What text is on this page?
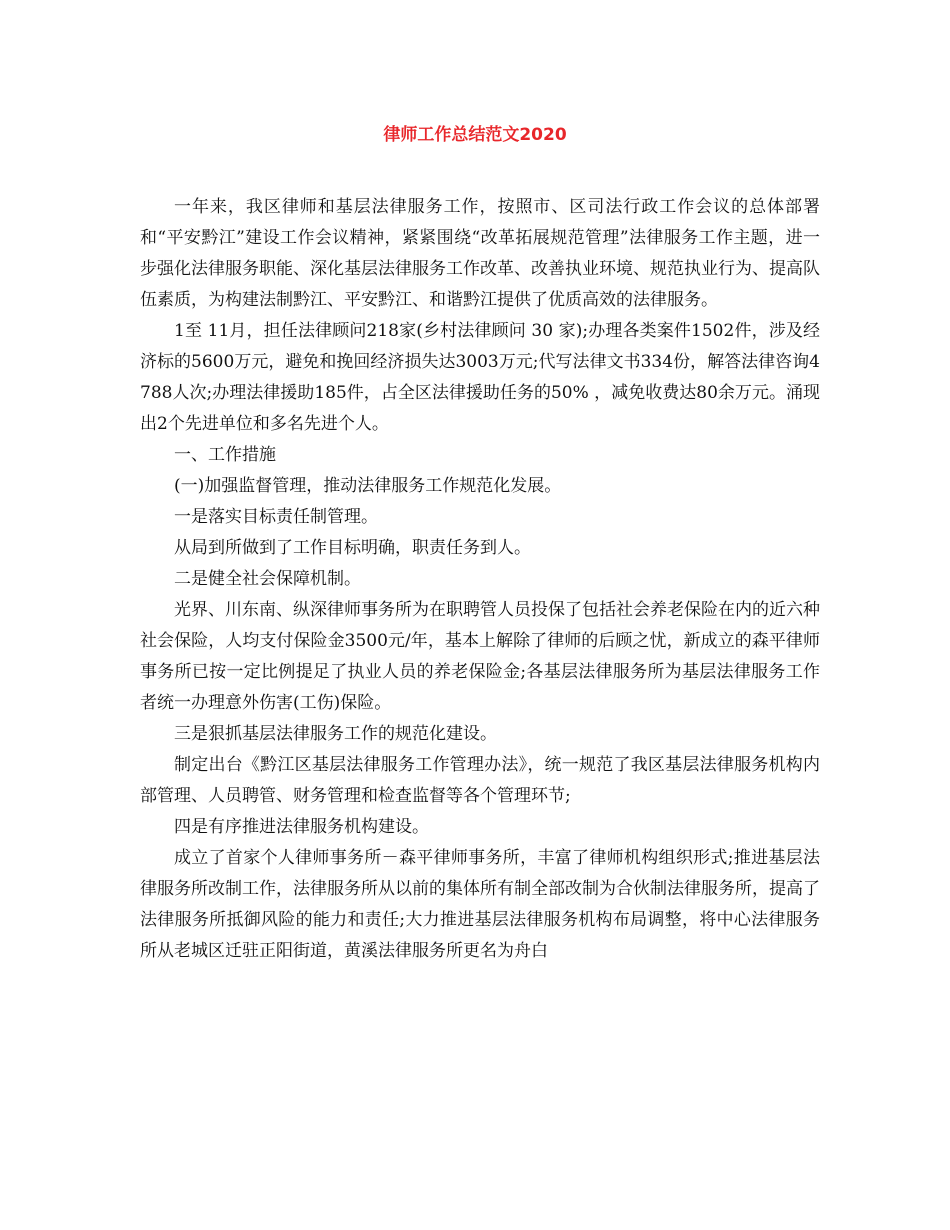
律师工作总结范文2020

一年来，我区律师和基层法律服务工作，按照市、区司法行政工作会议的总体部署和“平安黔江”建设工作会议精神，紧紧围绕“改革拓展规范管理”法律服务工作主题，进一步强化法律服务职能、深化基层法律服务工作改革、改善执业环境、规范执业行为、提高队伍素质，为构建法制黔江、平安黔江、和谐黔江提供了优质高效的法律服务。

1至 11月，担任法律顾问218家(乡村法律顾问 30 家);办理各类案件1502件，涉及经济标的5600万元，避免和挽回经济损失达3003万元;代写法律文书334份，解答法律咨询4788人次;办理法律援助185件，占全区法律援助任务的50% ，减免收费达80余万元。涌现出2个先进单位和多名先进个人。

一、工作措施

(一)加强监督管理，推动法律服务工作规范化发展。

一是落实目标责任制管理。

从局到所做到了工作目标明确，职责任务到人。

二是健全社会保障机制。

光界、川东南、纵深律师事务所为在职聘管人员投保了包括社会养老保险在内的近六种社会保险，人均支付保险金3500元/年，基本上解除了律师的后顾之忧，新成立的森平律师事务所已按一定比例提足了执业人员的养老保险金;各基层法律服务所为基层法律服务工作者统一办理意外伤害(工伤)保险。

三是狠抓基层法律服务工作的规范化建设。

制定出台《黔江区基层法律服务工作管理办法》，统一规范了我区基层法律服务机构内部管理、人员聘管、财务管理和检查监督等各个管理环节;

四是有序推进法律服务机构建设。

成立了首家个人律师事务所－森平律师事务所，丰富了律师机构组织形式;推进基层法律服务所改制工作，法律服务所从以前的集体所有制全部改制为合伙制法律服务所，提高了法律服务所抵御风险的能力和责任;大力推进基层法律服务机构布局调整，将中心法律服务所从老城区迁驻正阳街道，黄溪法律服务所更名为舟白
